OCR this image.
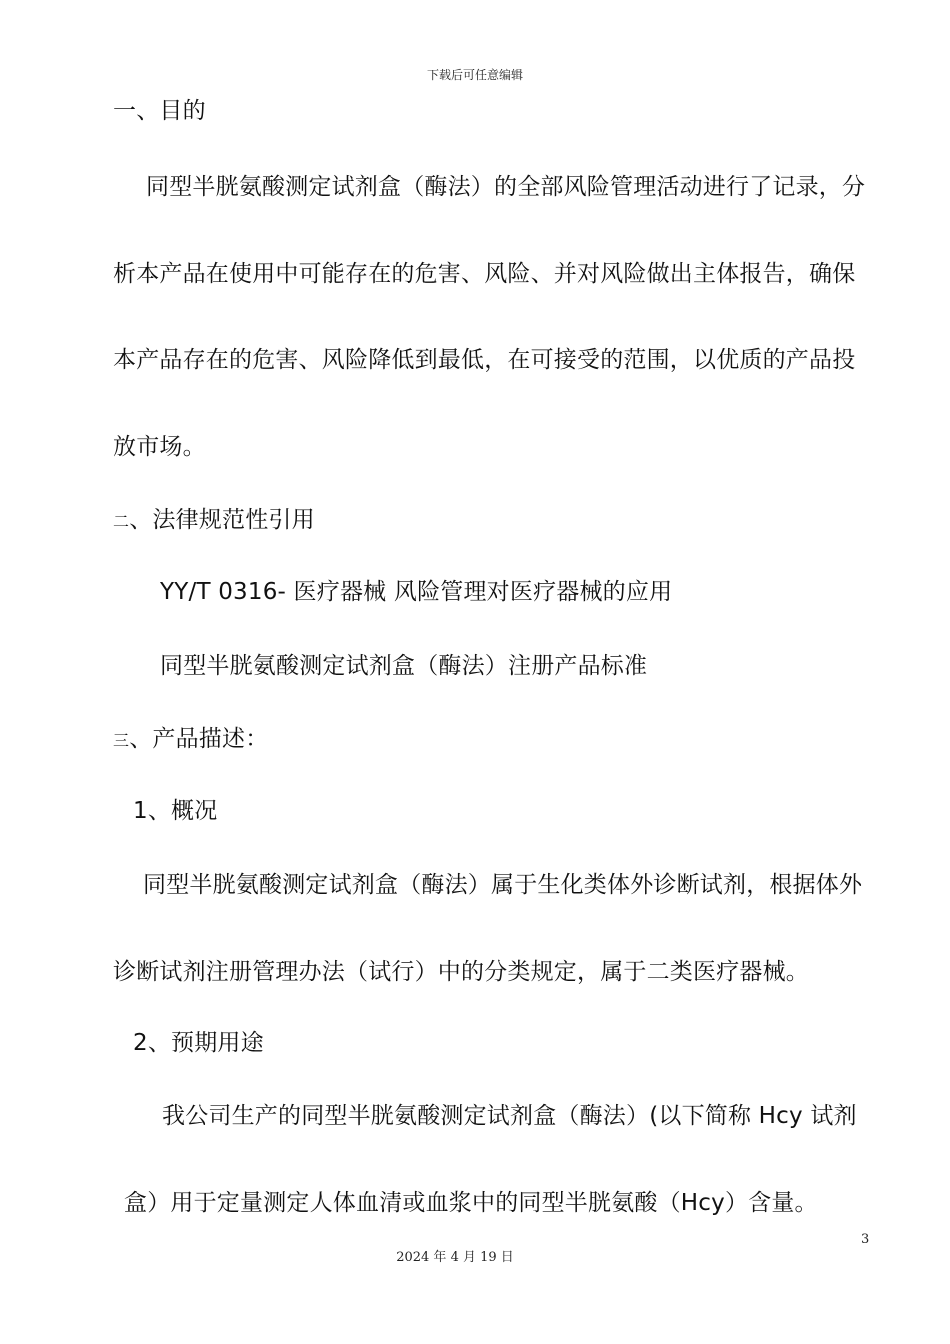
下载后可任意编辑
一、目的
同型半胱氨酸测定试剂盒（酶法）的全部风险管理活动进行了记录，分
析本产品在使用中可能存在的危害、风险、并对风险做出主体报告，确保
本产品存在的危害、风险降低到最低，在可接受的范围，以优质的产品投
放市场。
二、法律规范性引用
YY/T 0316- 医疗器械 风险管理对医疗器械的应用
同型半胱氨酸测定试剂盒（酶法）注册产品标准
三、产品描述：
1、概况
同型半胱氨酸测定试剂盒（酶法）属于生化类体外诊断试剂，根据体外
诊断试剂注册管理办法（试行）中的分类规定，属于二类医疗器械。
2、预期用途
我公司生产的同型半胱氨酸测定试剂盒（酶法）(以下简称 Hcy 试剂
盒）用于定量测定人体血清或血浆中的同型半胱氨酸（Hcy）含量。
3
2024 年 4 月 19 日
